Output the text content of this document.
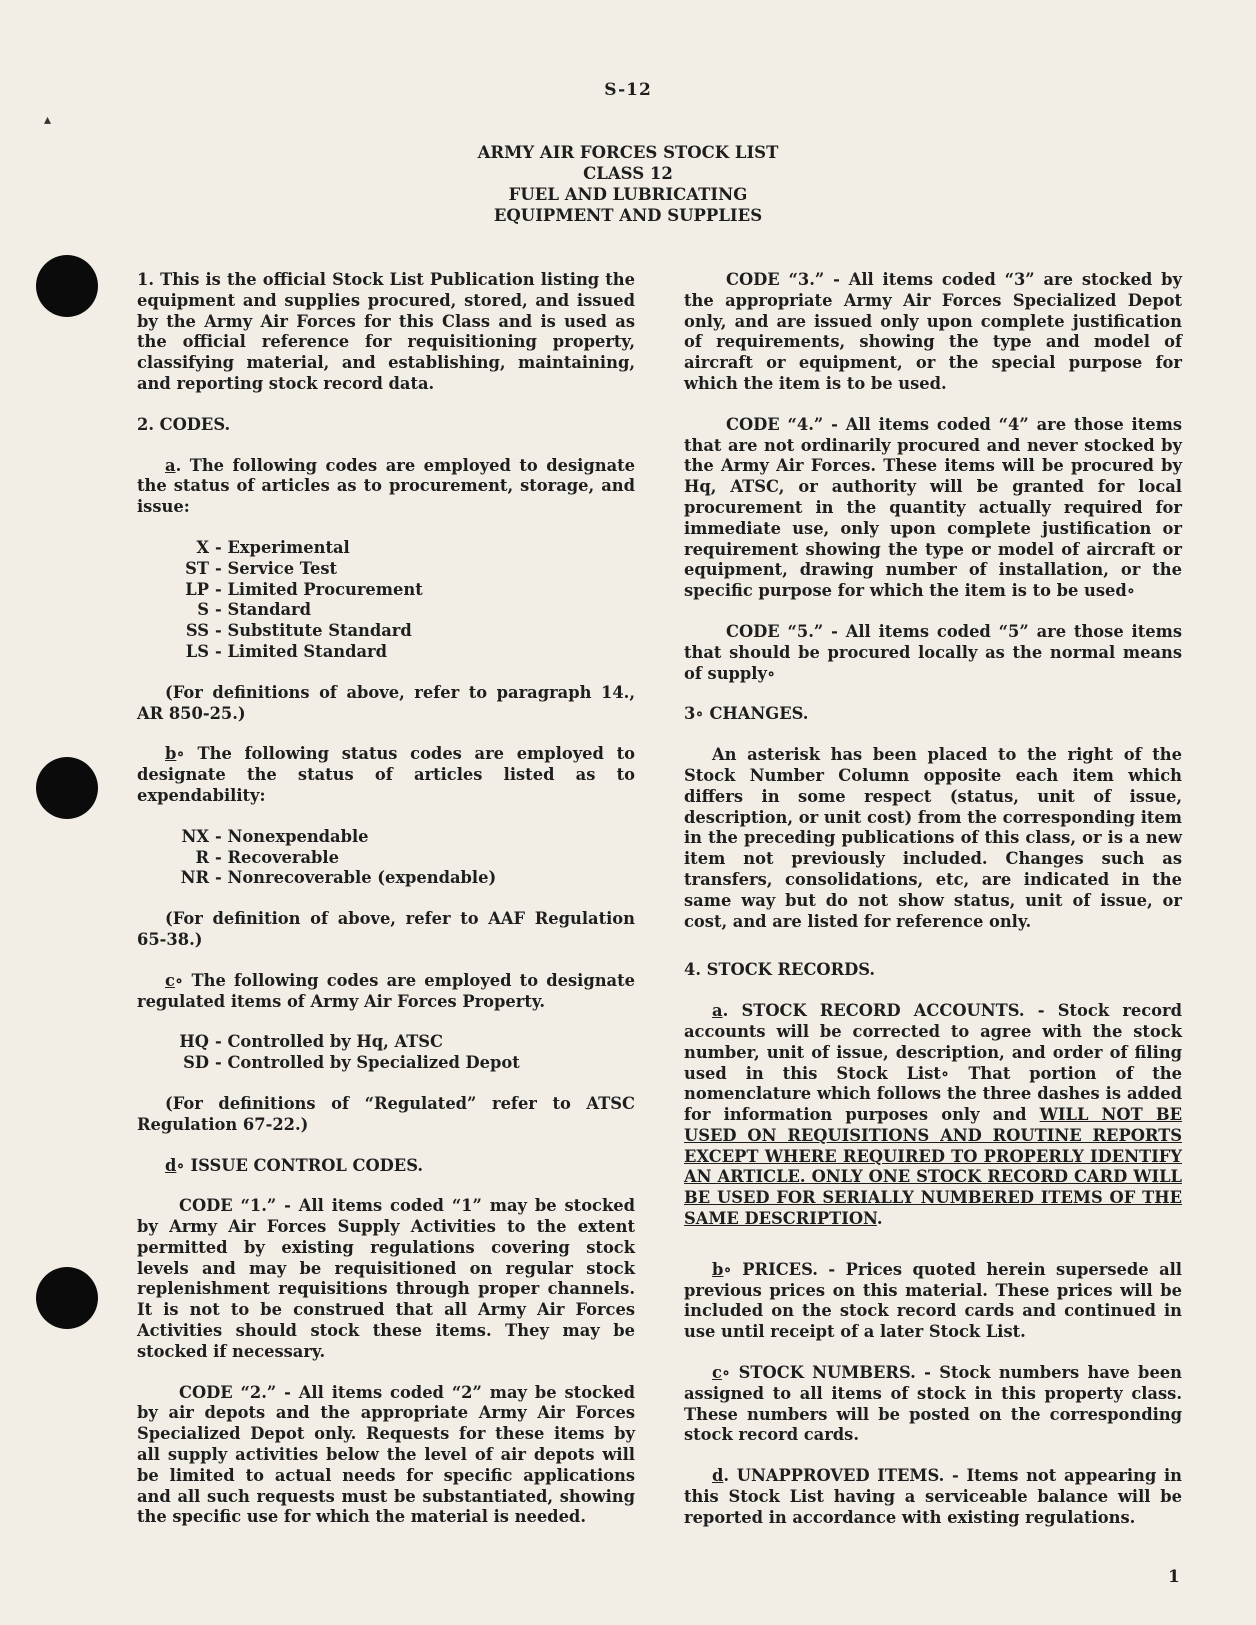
S-12
ARMY AIR FORCES STOCK LIST
CLASS 12
FUEL AND LUBRICATING
EQUIPMENT AND SUPPLIES
▴

1. This is the official Stock List Publication listing the equipment and supplies procured, stored, and issued by the Army Air Forces for this Class and is used as the official reference for requisitioning property, classifying material, and establishing, maintaining, and reporting stock record data.

2. CODES.

a. The following codes are employed to designate the status of articles as to procurement, storage, and issue:

X - Experimental
ST - Service Test
LP - Limited Procurement
S - Standard
SS - Substitute Standard
LS - Limited Standard

(For definitions of above, refer to paragraph 14., AR 850-25.)

b∘ The following status codes are employed to designate the status of articles listed as to expendability:

NX - Nonexpendable
R - Recoverable
NR - Nonrecoverable (expendable)

(For definition of above, refer to AAF Regulation 65-38.)

c∘ The following codes are employed to designate regulated items of Army Air Forces Property.

HQ - Controlled by Hq, ATSC
SD - Controlled by Specialized Depot

(For definitions of “Regulated” refer to ATSC Regulation 67-22.)

d∘ ISSUE CONTROL CODES.

CODE “1.” - All items coded “1” may be stocked by Army Air Forces Supply Activities to the extent permitted by existing regulations covering stock levels and may be requisitioned on regular stock replenishment requisitions through proper channels. It is not to be construed that all Army Air Forces Activities should stock these items. They may be stocked if necessary.

CODE “2.” - All items coded “2” may be stocked by air depots and the appropriate Army Air Forces Specialized Depot only. Requests for these items by all supply activities below the level of air depots will be limited to actual needs for specific applications and all such requests must be substantiated, showing the specific use for which the material is needed.

CODE “3.” - All items coded “3” are stocked by the appropriate Army Air Forces Specialized Depot only, and are issued only upon complete justification of requirements, showing the type and model of aircraft or equipment, or the special purpose for which the item is to be used.

CODE “4.” - All items coded “4” are those items that are not ordinarily procured and never stocked by the Army Air Forces. These items will be procured by Hq, ATSC, or authority will be granted for local procurement in the quantity actually required for immediate use, only upon complete justification or requirement showing the type or model of aircraft or equipment, drawing number of installation, or the specific purpose for which the item is to be used∘

CODE “5.” - All items coded “5” are those items that should be procured locally as the normal means of supply∘

3∘ CHANGES.

An asterisk has been placed to the right of the Stock Number Column opposite each item which differs in some respect (status, unit of issue, description, or unit cost) from the corresponding item in the preceding publications of this class, or is a new item not previously included. Changes such as transfers, consolidations, etc, are indicated in the same way but do not show status, unit of issue, or cost, and are listed for reference only.

4. STOCK RECORDS.

a. STOCK RECORD ACCOUNTS. - Stock record accounts will be corrected to agree with the stock number, unit of issue, description, and order of filing used in this Stock List∘ That portion of the nomenclature which follows the three dashes is added for information purposes only and WILL NOT BE USED ON REQUISITIONS AND ROUTINE REPORTS EXCEPT WHERE REQUIRED TO PROPERLY IDENTIFY AN ARTICLE. ONLY ONE STOCK RECORD CARD WILL BE USED FOR SERIALLY NUMBERED ITEMS OF THE SAME DESCRIPTION.

b∘ PRICES. - Prices quoted herein supersede all previous prices on this material. These prices will be included on the stock record cards and continued in use until receipt of a later Stock List.

c∘ STOCK NUMBERS. - Stock numbers have been assigned to all items of stock in this property class. These numbers will be posted on the corresponding stock record cards.

d. UNAPPROVED ITEMS. - Items not appearing in this Stock List having a serviceable balance will be reported in accordance with existing regulations.

1
